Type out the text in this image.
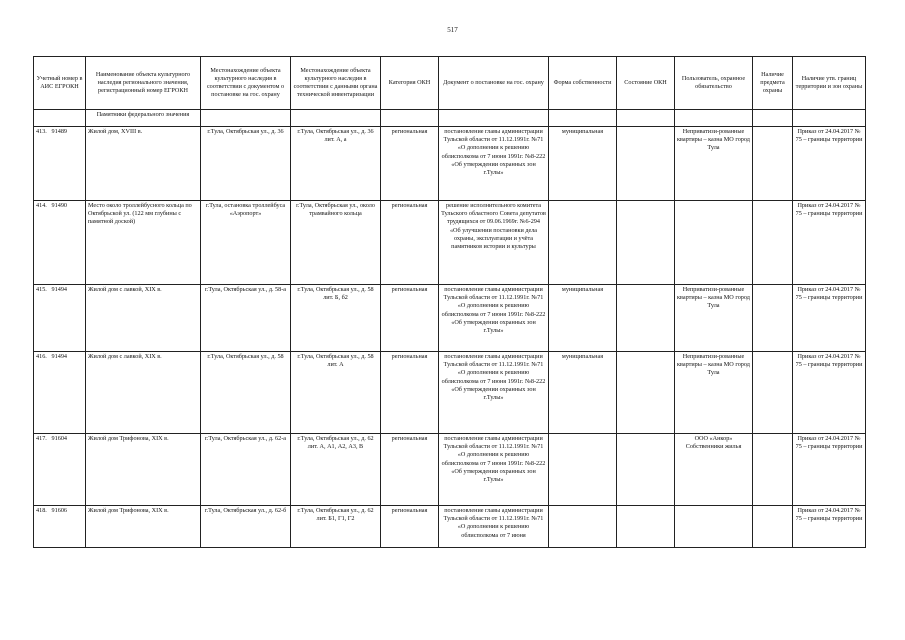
517
Учетный номер в АИС ЕГРОКН	Наименование объекта культурного наследия регионального значения, регистрационный номер ЕГРОКН	Местонахождение объекта культурного наследия в соответствии с документом о постановке на гос. охрану	Местонахождение объекта культурного наследия в соответствии с данными органа технической инвентаризации	Категория ОКН	Документ о постановке на гос. охрану	Форма собственности	Состояние ОКН	Пользователь, охранное обязательство	Наличие предмета охраны	Наличие утв. границ территории и зон охраны
	Памятники федерального значения									
413. 91489	Жилой дом, XVIII в.	г.Тула, Октябрьская ул., д. 36	г.Тула, Октябрьская ул., д. 36 лит. А, а	региональная	постановление главы администрации Тульской области от 11.12.1991г. №71 «О дополнении к решению облисполкома от 7 июня 1991г. №8-222 «Об утверждении охранных зон г.Тулы»	муниципальная		Неприватизи-рованные квартиры – казна МО город Тула		Приказ от 24.04.2017 № 75 – границы территории
414. 91490	Место около троллейбусного кольца по Октябрьской ул. (122 мм глубины с памятной доской)	г.Тула, остановка троллейбуса «Аэропорт»	г.Тула, Октябрьская ул., около трамвайного кольца	региональная	решение исполнительного комитета Тульского областного Совета депутатов трудящихся от 09.06.1969г. №6-294 «Об улучшении постановки дела охраны, эксплуатации и учёта памятников истории и культуры					Приказ от 24.04.2017 № 75 – границы территории
415. 91494	Жилой дом с лавкой, XIX в.	г.Тула, Октябрьская ул., д. 58-а	г.Тула, Октябрьская ул., д. 58 лит. Б, б2	региональная	постановление главы администрации Тульской области от 11.12.1991г. №71 «О дополнении к решению облисполкома от 7 июня 1991г. №8-222 «Об утверждении охранных зон г.Тулы»	муниципальная		Неприватизи-рованные квартиры – казна МО город Тула		Приказ от 24.04.2017 № 75 – границы территории
416. 91494	Жилой дом с лавкой, XIX в.	г.Тула, Октябрьская ул., д. 58	г.Тула, Октябрьская ул., д. 58 лит. А	региональная	постановление главы администрации Тульской области от 11.12.1991г. №71 «О дополнении к решению облисполкома от 7 июня 1991г. №8-222 «Об утверждении охранных зон г.Тулы»	муниципальная		Неприватизи-рованные квартиры – казна МО город Тула		Приказ от 24.04.2017 № 75 – границы территории
417. 91604	Жилой дом Трифонова, XIX в.	г.Тула, Октябрьская ул., д. 62-а	г.Тула, Октябрьская ул., д. 62 лит. А, А1, А2, А3, В	региональная	постановление главы администрации Тульской области от 11.12.1991г. №71 «О дополнении к решению облисполкома от 7 июня 1991г. №8-222 «Об утверждении охранных зон г.Тулы»			ООО «Анкор» Собственники жилья		Приказ от 24.04.2017 № 75 – границы территории
418. 91606	Жилой дом Трифонова, XIX в.	г.Тула, Октябрьская ул., д. 62-б	г.Тула, Октябрьская ул., д. 62 лит. Б1, Г1, Г2	региональная	постановление главы администрации Тульской области от 11.12.1991г. №71 «О дополнении к решению облисполкома от 7 июня					Приказ от 24.04.2017 № 75 – границы территории
